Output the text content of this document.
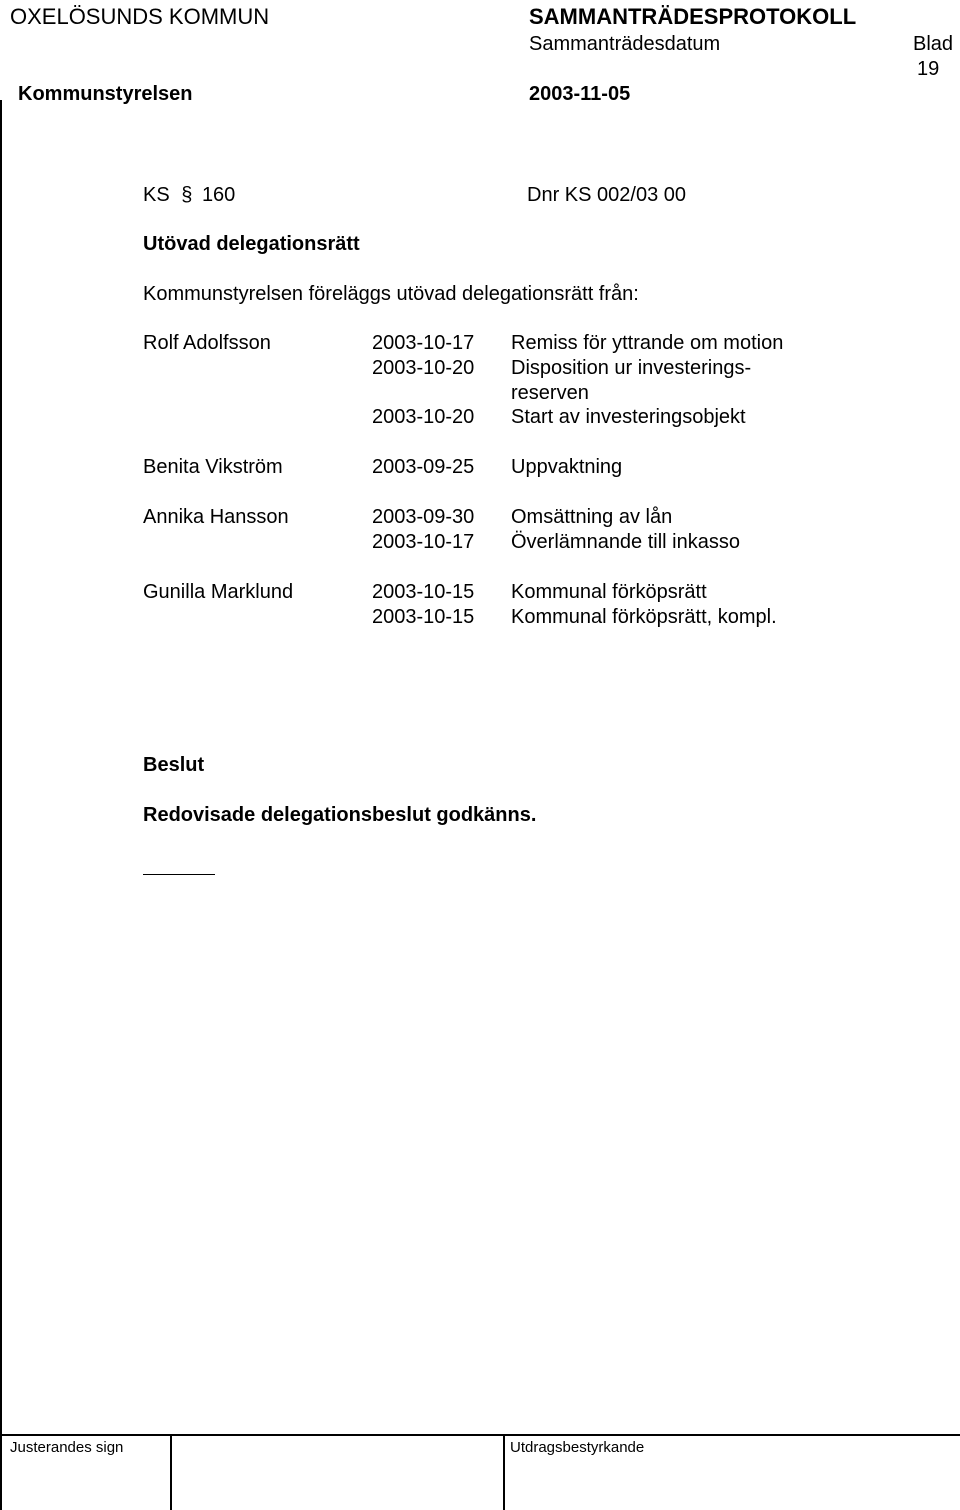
OXELÖSUNDS KOMMUN	SAMMANTRÄDESPROTOKOLL
Sammanträdesdatum	Blad
19
Kommunstyrelsen	2003-11-05
KS § 160	Dnr KS 002/03 00
Utövad delegationsrätt
Kommunstyrelsen föreläggs utövad delegationsrätt från:
Rolf Adolfsson	2003-10-17 Remiss för yttrande om motion
2003-10-20 Disposition ur investerings-
reserven
2003-10-20 Start av investeringsobjekt
Benita Vikström	2003-09-25 Uppvaktning
Annika Hansson	2003-09-30 Omsättning av lån
2003-10-17 Överlämnande till inkasso
Gunilla Marklund	2003-10-15 Kommunal förköpsrätt
2003-10-15 Kommunal förköpsrätt, kompl.
Beslut
Redovisade delegationsbeslut godkänns.
Justerandes sign	Utdragsbestyrkande
